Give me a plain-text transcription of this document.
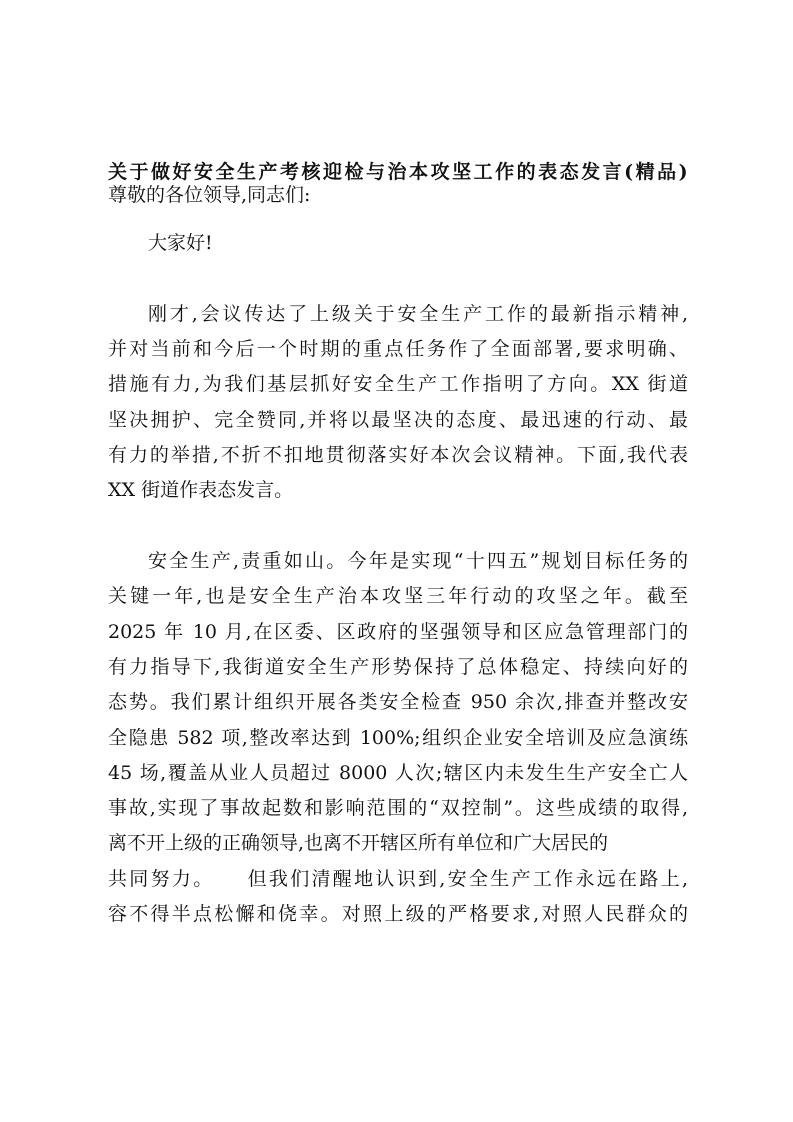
关于做好安全生产考核迎检与治本攻坚工作的表态发言(精品)
尊敬的各位领导,同志们:
大家好!
刚才,会议传达了上级关于安全生产工作的最新指示精神,
并对当前和今后一个时期的重点任务作了全面部署,要求明确、
措施有力,为我们基层抓好安全生产工作指明了方向。XX 街道
坚决拥护、完全赞同,并将以最坚决的态度、最迅速的行动、最
有力的举措,不折不扣地贯彻落实好本次会议精神。下面,我代表
XX 街道作表态发言。
安全生产,责重如山。今年是实现“十四五”规划目标任务的
关键一年,也是安全生产治本攻坚三年行动的攻坚之年。截至
2025 年 10 月,在区委、区政府的坚强领导和区应急管理部门的
有力指导下,我街道安全生产形势保持了总体稳定、持续向好的
态势。我们累计组织开展各类安全检查 950 余次,排查并整改安
全隐患 582 项,整改率达到 100%;组织企业安全培训及应急演练
45 场,覆盖从业人员超过 8000 人次;辖区内未发生生产安全亡人
事故,实现了事故起数和影响范围的“双控制”。这些成绩的取得,
离不开上级的正确领导,也离不开辖区所有单位和广大居民的
共同努力。　　但我们清醒地认识到,安全生产工作永远在路上,
容不得半点松懈和侥幸。对照上级的严格要求,对照人民群众的
